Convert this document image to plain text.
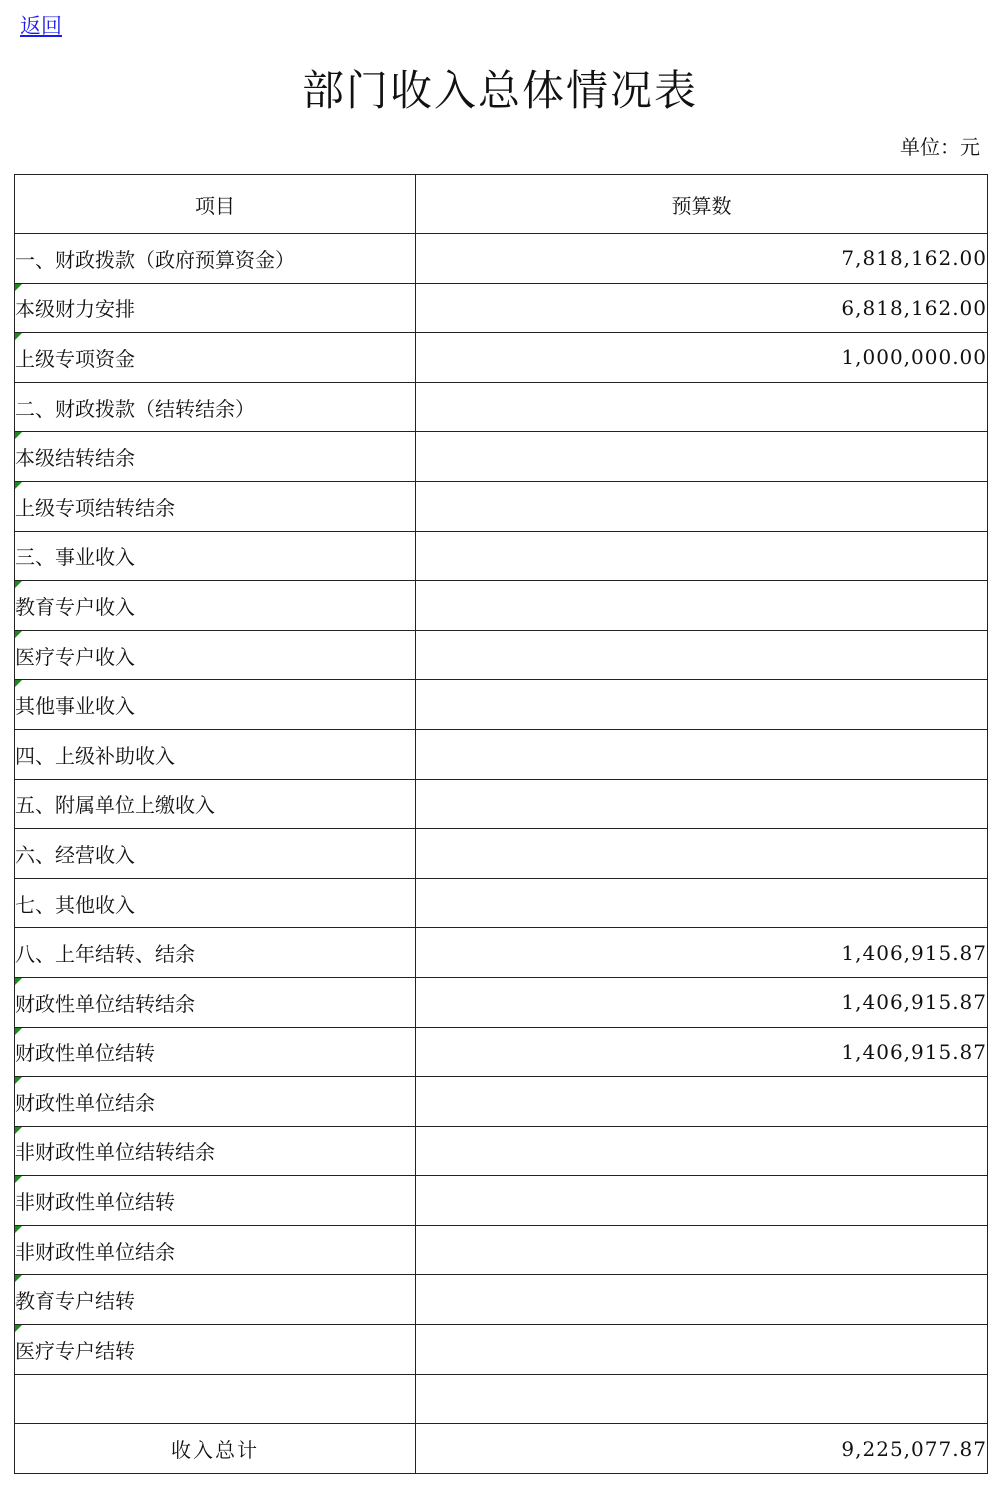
返回
部门收入总体情况表
单位：元
项目	预算数
一、财政拨款（政府预算资金）	7,818,162.00
本级财力安排	6,818,162.00
上级专项资金	1,000,000.00
二、财政拨款（结转结余）	
本级结转结余	
上级专项结转结余	
三、事业收入	
教育专户收入	
医疗专户收入	
其他事业收入	
四、上级补助收入	
五、附属单位上缴收入	
六、经营收入	
七、其他收入	
八、上年结转、结余	1,406,915.87
财政性单位结转结余	1,406,915.87
财政性单位结转	1,406,915.87
财政性单位结余	
非财政性单位结转结余	
非财政性单位结转	
非财政性单位结余	
教育专户结转	
医疗专户结转	

收入总计	9,225,077.87
